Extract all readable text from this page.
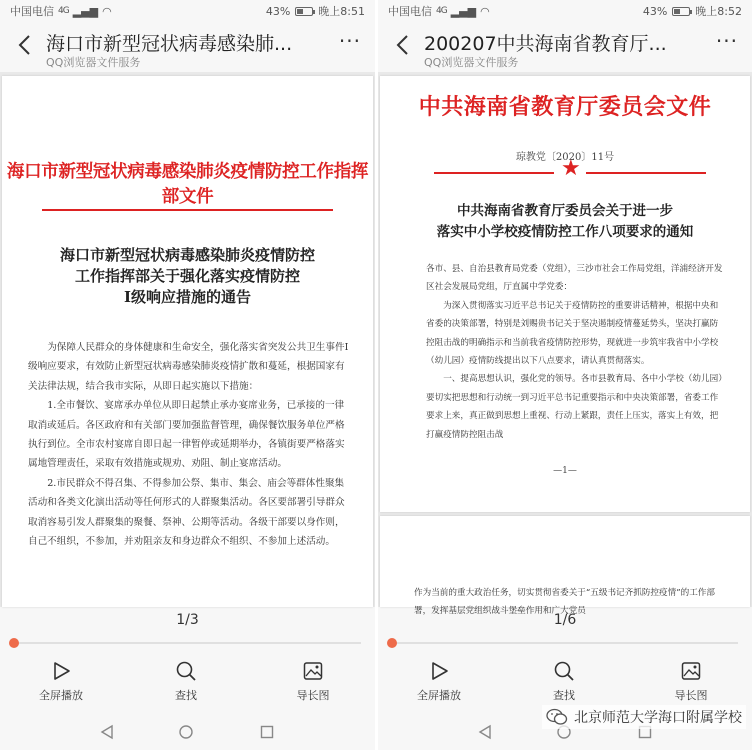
中国电信 4G ▂▄▆ ◠	43%	晚上8:51
海口市新型冠状病毒感染肺...
QQ浏览器文件服务
···
海口市新型冠状病毒感染肺炎疫情防控工作指挥部文件
海口市新型冠状病毒感染肺炎疫情防控
工作指挥部关于强化落实疫情防控
Ⅰ级响应措施的通告

为保障人民群众的身体健康和生命安全，强化落实省突发公共卫生事件Ⅰ级响应要求，有效防止新型冠状病毒感染肺炎疫情扩散和蔓延，根据国家有关法律法规，结合我市实际，从即日起实施以下措施：

1.全市餐饮、宴席承办单位从即日起禁止承办宴席业务，已承接的一律取消或延后。各区政府和有关部门要加强监督管理，确保餐饮服务单位严格执行到位。全市农村宴席自即日起一律暂停或延期举办，各镇街要严格落实属地管理责任，采取有效措施或规劝、劝阻、制止宴席活动。

2.市民群众不得召集、不得参加公祭、集市、集会、庙会等群体性聚集活动和各类文化演出活动等任何形式的人群聚集活动。各区要部署引导群众取消容易引发人群聚集的聚餐、祭神、公期等活动。各级干部要以身作则，自己不组织，不参加，并劝阻亲友和身边群众不组织、不参加上述活动。

1/3
全屏播放	查找	导长图
中国电信 4G ▂▄▆ ◠	43%	晚上8:52
200207中共海南省教育厅...
QQ浏览器文件服务
···
中共海南省教育厅委员会文件
琼教党〔2020〕11号
★
中共海南省教育厅委员会关于进一步
落实中小学校疫情防控工作八项要求的通知

各市、县、自治县教育局党委（党组），三沙市社会工作局党组，洋浦经济开发区社会发展局党组，厅直属中学党委：

为深入贯彻落实习近平总书记关于疫情防控的重要讲话精神，根据中央和省委的决策部署，特别是刘赐贵书记关于坚决遏制疫情蔓延势头，坚决打赢防控阻击战的明确指示和当前我省疫情防控形势，现就进一步筑牢我省中小学校（幼儿园）疫情防线提出以下八点要求，请认真贯彻落实。

一、提高思想认识，强化党的领导。各市县教育局、各中小学校（幼儿园）要切实把思想和行动统一到习近平总书记重要指示和中央决策部署，省委工作要求上来，真正做到思想上重视、行动上紧跟，责任上压实，落实上有效，把打赢疫情防控阻击战

—1—

作为当前的重大政治任务，切实贯彻省委关于“五级书记齐抓防控疫情”的工作部署，发挥基层党组织战斗堡垒作用和广大党员

1/6
全屏播放	查找	导长图
北京师范大学海口附属学校
